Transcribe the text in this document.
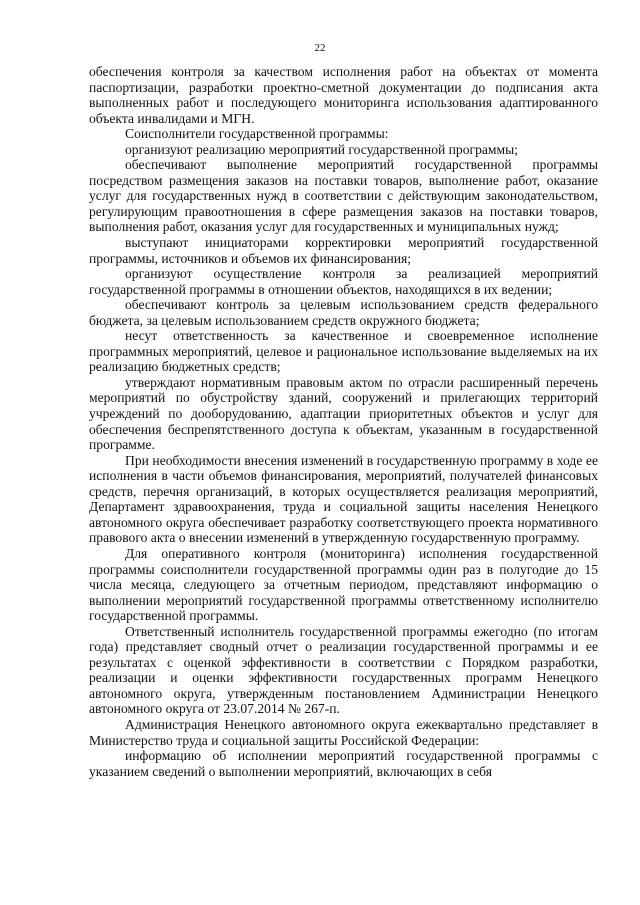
22

обеспечения контроля за качеством исполнения работ на объектах от момента паспортизации, разработки проектно-сметной документации до подписания акта выполненных работ и последующего мониторинга использования адаптированного объекта инвалидами и МГН.

Соисполнители государственной программы:

организуют реализацию мероприятий государственной программы;

обеспечивают выполнение мероприятий государственной программы посредством размещения заказов на поставки товаров, выполнение работ, оказание услуг для государственных нужд в соответствии с действующим законодательством, регулирующим правоотношения в сфере размещения заказов на поставки товаров, выполнения работ, оказания услуг для государственных и муниципальных нужд;

выступают инициаторами корректировки мероприятий государственной программы, источников и объемов их финансирования;

организуют осуществление контроля за реализацией мероприятий государственной программы в отношении объектов, находящихся в их ведении;

обеспечивают контроль за целевым использованием средств федерального бюджета, за целевым использованием средств окружного бюджета;

несут ответственность за качественное и своевременное исполнение программных мероприятий, целевое и рациональное использование выделяемых на их реализацию бюджетных средств;

утверждают нормативным правовым актом по отрасли расширенный перечень мероприятий по обустройству зданий, сооружений и прилегающих территорий учреждений по дооборудованию, адаптации приоритетных объектов и услуг для обеспечения беспрепятственного доступа к объектам, указанным в государственной программе.

При необходимости внесения изменений в государственную программу в ходе ее исполнения в части объемов финансирования, мероприятий, получателей финансовых средств, перечня организаций, в которых осуществляется реализация мероприятий, Департамент здравоохранения, труда и социальной защиты населения Ненецкого автономного округа обеспечивает разработку соответствующего проекта нормативного правового акта о внесении изменений в утвержденную государственную программу.

Для оперативного контроля (мониторинга) исполнения государственной программы соисполнители государственной программы один раз в полугодие до 15 числа месяца, следующего за отчетным периодом, представляют информацию о выполнении мероприятий государственной программы ответственному исполнителю государственной программы.

Ответственный исполнитель государственной программы ежегодно (по итогам года) представляет сводный отчет о реализации государственной программы и ее результатах с оценкой эффективности в соответствии с Порядком разработки, реализации и оценки эффективности государственных программ Ненецкого автономного округа, утвержденным постановлением Администрации Ненецкого автономного округа от 23.07.2014 № 267-п.

Администрация Ненецкого автономного округа ежеквартально представляет в Министерство труда и социальной защиты Российской Федерации:

информацию об исполнении мероприятий государственной программы с указанием сведений о выполнении мероприятий, включающих в себя
